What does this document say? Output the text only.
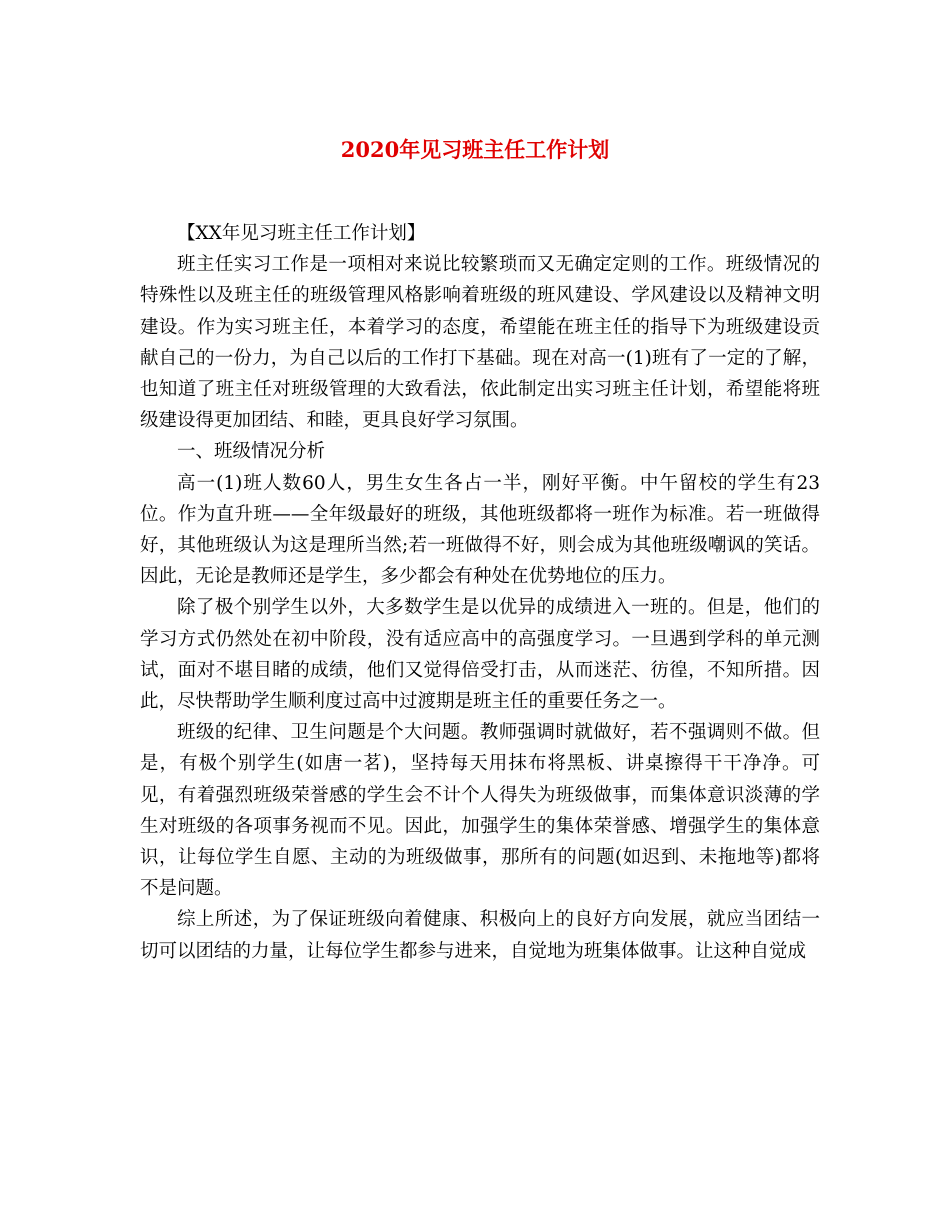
2020年见习班主任工作计划

【XX年见习班主任工作计划】

班主任实习工作是一项相对来说比较繁琐而又无确定定则的工作。班级情况的特殊性以及班主任的班级管理风格影响着班级的班风建设、学风建设以及精神文明建设。作为实习班主任，本着学习的态度，希望能在班主任的指导下为班级建设贡献自己的一份力，为自己以后的工作打下基础。现在对高一(1)班有了一定的了解，也知道了班主任对班级管理的大致看法，依此制定出实习班主任计划，希望能将班级建设得更加团结、和睦，更具良好学习氛围。

一、班级情况分析

高一(1)班人数60人，男生女生各占一半，刚好平衡。中午留校的学生有23位。作为直升班——全年级最好的班级，其他班级都将一班作为标准。若一班做得好，其他班级认为这是理所当然;若一班做得不好，则会成为其他班级嘲讽的笑话。因此，无论是教师还是学生，多少都会有种处在优势地位的压力。

除了极个别学生以外，大多数学生是以优异的成绩进入一班的。但是，他们的学习方式仍然处在初中阶段，没有适应高中的高强度学习。一旦遇到学科的单元测试，面对不堪目睹的成绩，他们又觉得倍受打击，从而迷茫、彷徨，不知所措。因此，尽快帮助学生顺利度过高中过渡期是班主任的重要任务之一。

班级的纪律、卫生问题是个大问题。教师强调时就做好，若不强调则不做。但是，有极个别学生(如唐一茗)，坚持每天用抹布将黑板、讲桌擦得干干净净。可见，有着强烈班级荣誉感的学生会不计个人得失为班级做事，而集体意识淡薄的学生对班级的各项事务视而不见。因此，加强学生的集体荣誉感、增强学生的集体意识，让每位学生自愿、主动的为班级做事，那所有的问题(如迟到、未拖地等)都将不是问题。

综上所述，为了保证班级向着健康、积极向上的良好方向发展，就应当团结一切可以团结的力量，让每位学生都参与进来，自觉地为班集体做事。让这种自觉成
